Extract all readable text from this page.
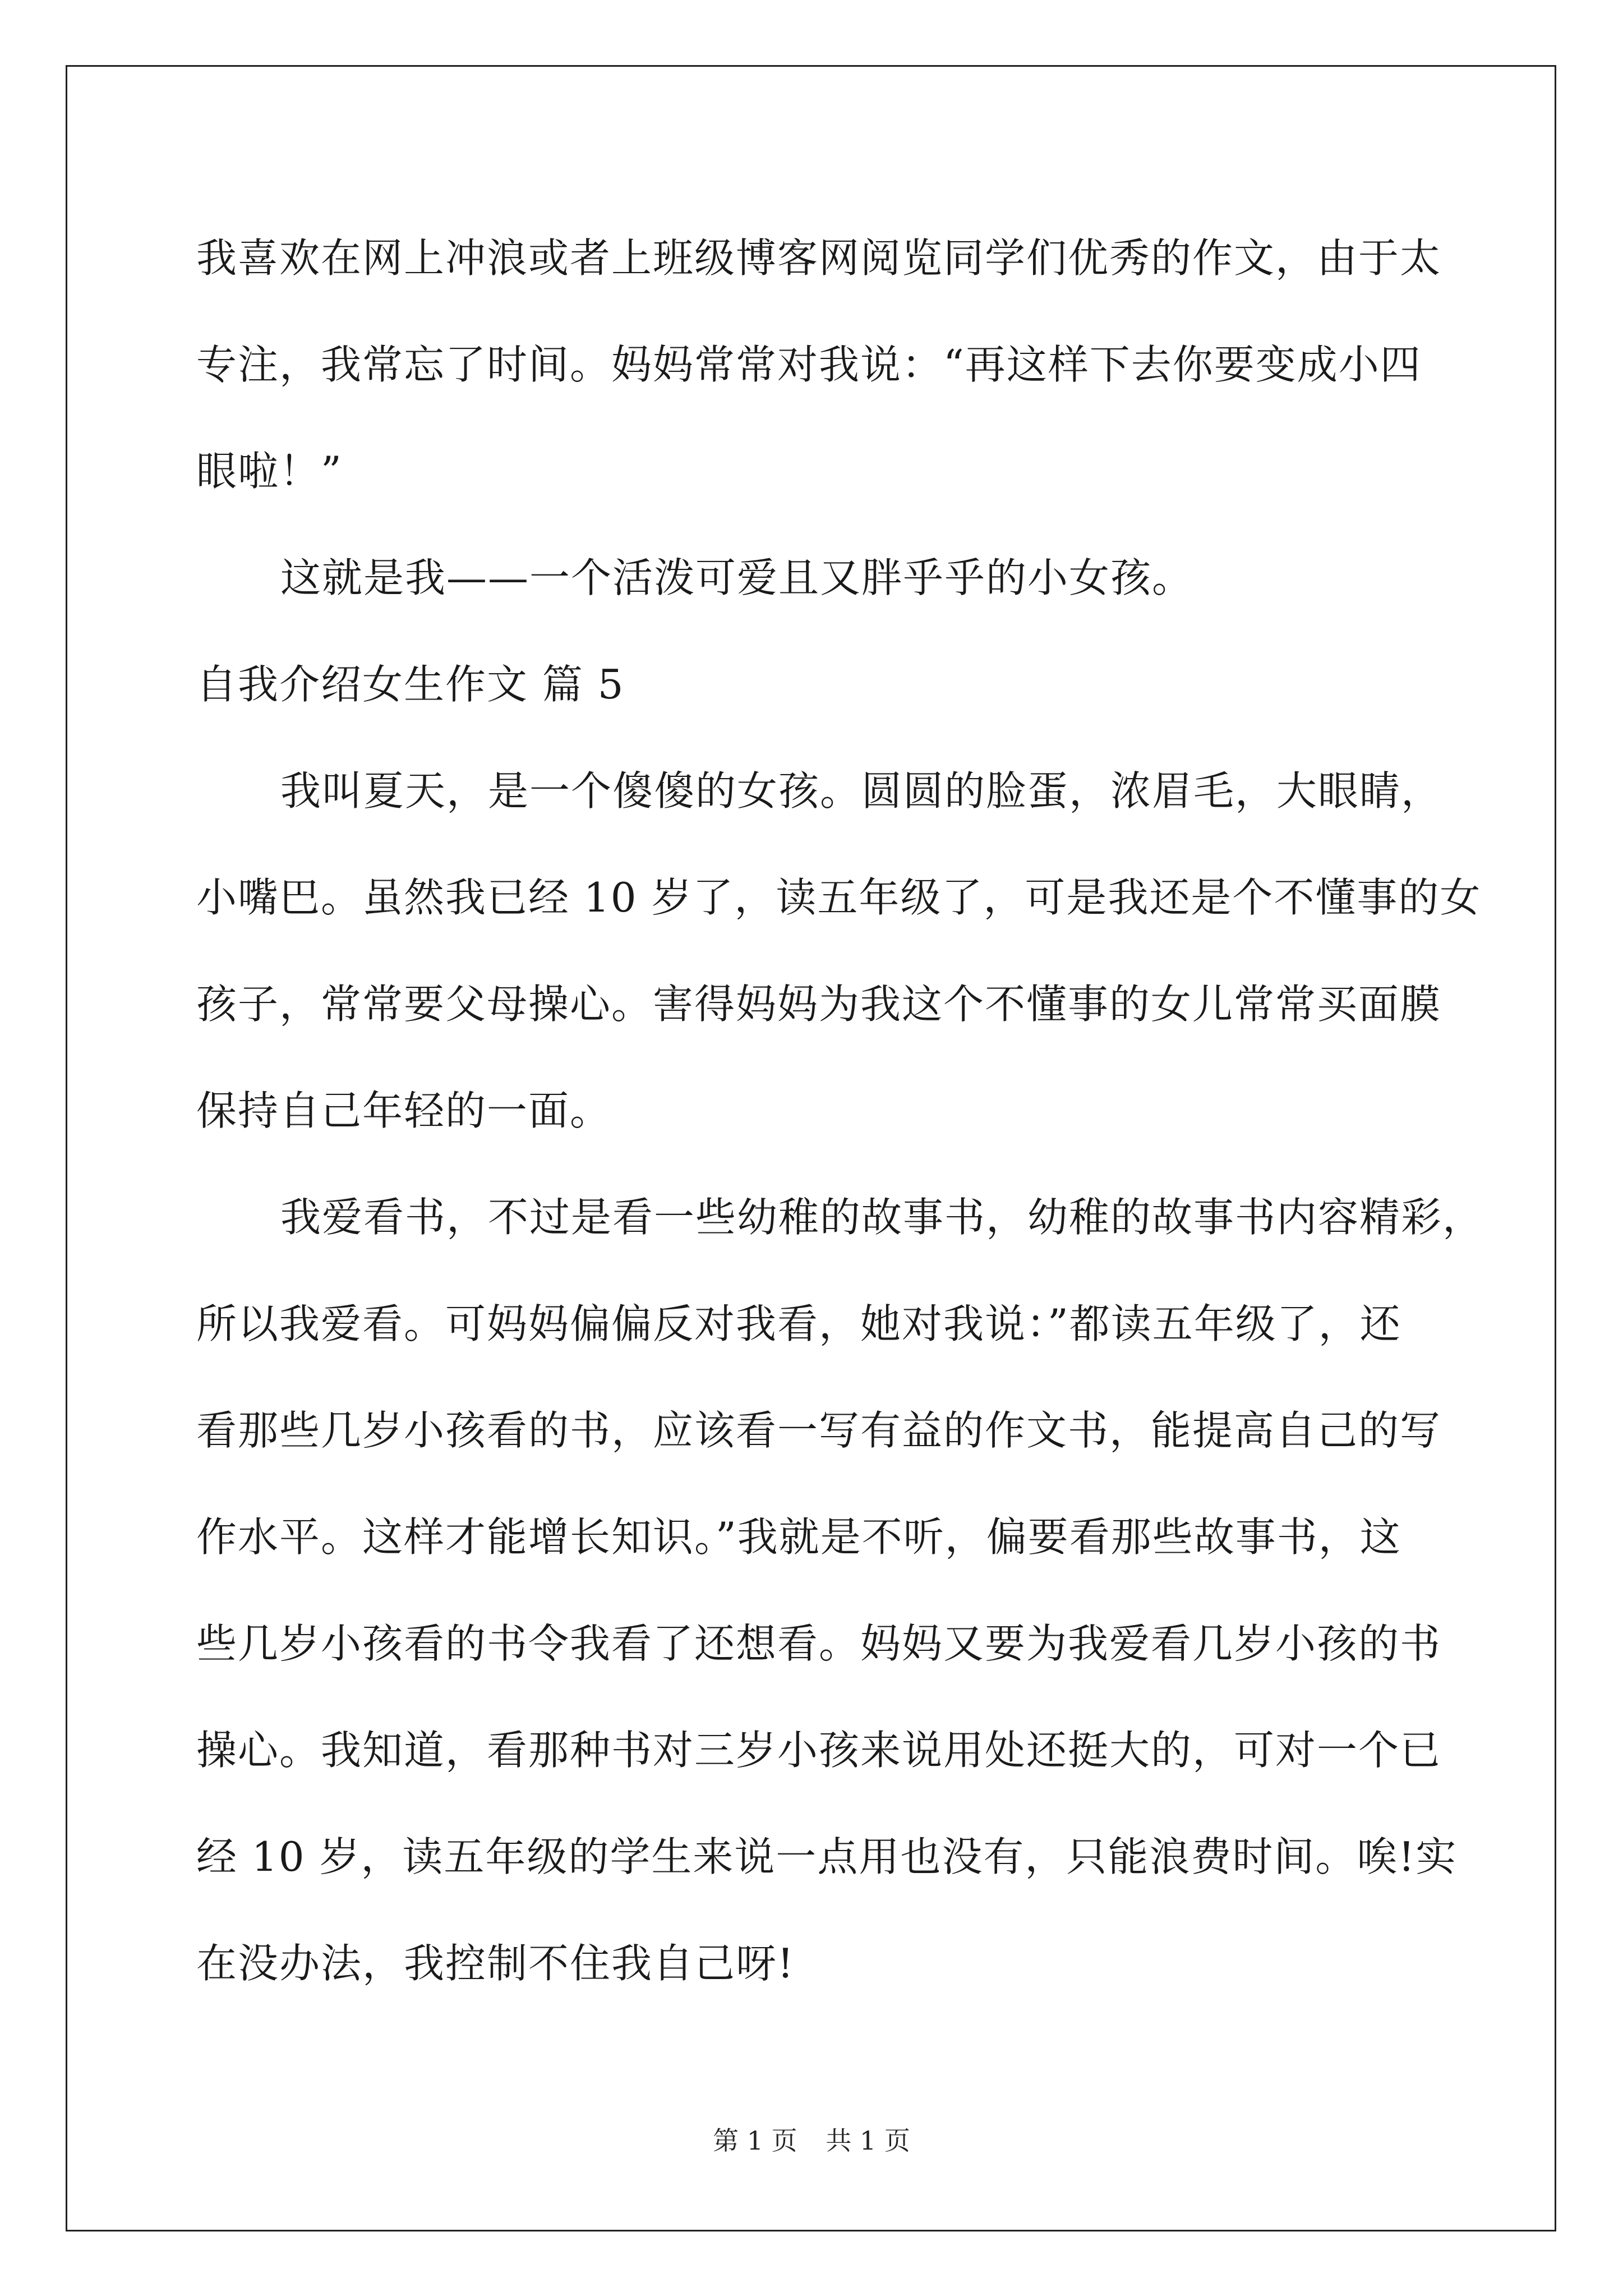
我喜欢在网上冲浪或者上班级博客网阅览同学们优秀的作文，由于太
专注，我常忘了时间。妈妈常常对我说：“再这样下去你要变成小四
眼啦！”
这就是我——一个活泼可爱且又胖乎乎的小女孩。
自我介绍女生作文 篇 5
我叫夏天，是一个傻傻的女孩。圆圆的脸蛋，浓眉毛，大眼睛，
小嘴巴。虽然我已经 10 岁了，读五年级了，可是我还是个不懂事的女
孩子，常常要父母操心。害得妈妈为我这个不懂事的女儿常常买面膜
保持自己年轻的一面。
我爱看书，不过是看一些幼稚的故事书，幼稚的故事书内容精彩，
所以我爱看。可妈妈偏偏反对我看，她对我说：”都读五年级了，还
看那些几岁小孩看的书，应该看一写有益的作文书，能提高自己的写
作水平。这样才能增长知识。”我就是不听，偏要看那些故事书，这
些几岁小孩看的书令我看了还想看。妈妈又要为我爱看几岁小孩的书
操心。我知道，看那种书对三岁小孩来说用处还挺大的，可对一个已
经 10 岁，读五年级的学生来说一点用也没有，只能浪费时间。唉!实
在没办法，我控制不住我自己呀!
第 1 页 共 1 页
